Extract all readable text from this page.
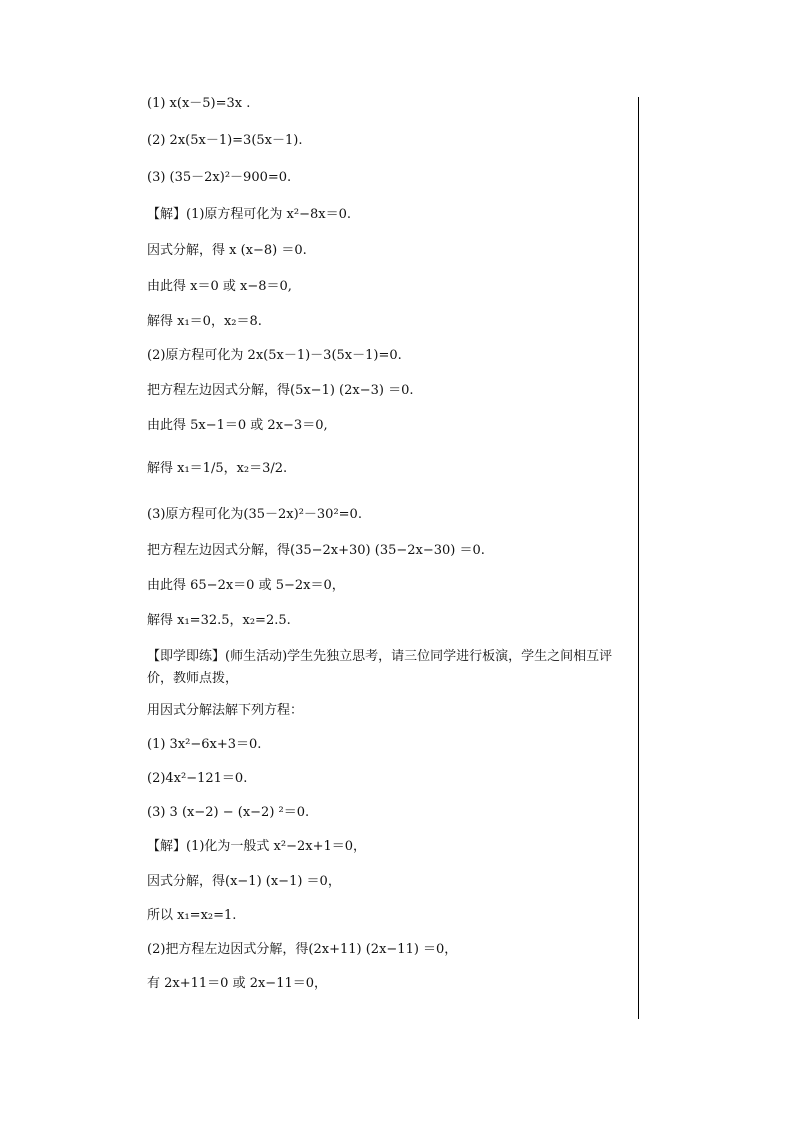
(1) x(x－5)=3x .
(2) 2x(5x－1)=3(5x－1).
(3) (35－2x)²－900=0.
【解】(1)原方程可化为 x²−8x＝0.
因式分解，得 x (x−8) ＝0.
由此得 x＝0 或 x−8＝0,
解得 x₁＝0，x₂＝8.
(2)原方程可化为 2x(5x－1)－3(5x－1)=0.
把方程左边因式分解，得(5x−1) (2x−3) ＝0.
由此得 5x−1＝0 或 2x−3＝0,
解得 x₁＝1/5，x₂＝3/2.
(3)原方程可化为(35－2x)²－30²=0.
把方程左边因式分解，得(35−2x+30) (35−2x−30) ＝0.
由此得 65−2x＝0 或 5−2x＝0，
解得 x₁=32.5，x₂=2.5.
【即学即练】(师生活动)学生先独立思考，请三位同学进行板演，学生之间相互评价，教师点拨，
用因式分解法解下列方程：
(1) 3x²−6x+3＝0.
(2)4x²−121＝0.
(3) 3 (x−2) − (x−2) ²＝0.
【解】(1)化为一般式 x²−2x+1＝0，
因式分解，得(x−1) (x−1) ＝0，
所以 x₁=x₂=1.
(2)把方程左边因式分解，得(2x+11) (2x−11) ＝0，
有 2x+11＝0 或 2x−11＝0，
